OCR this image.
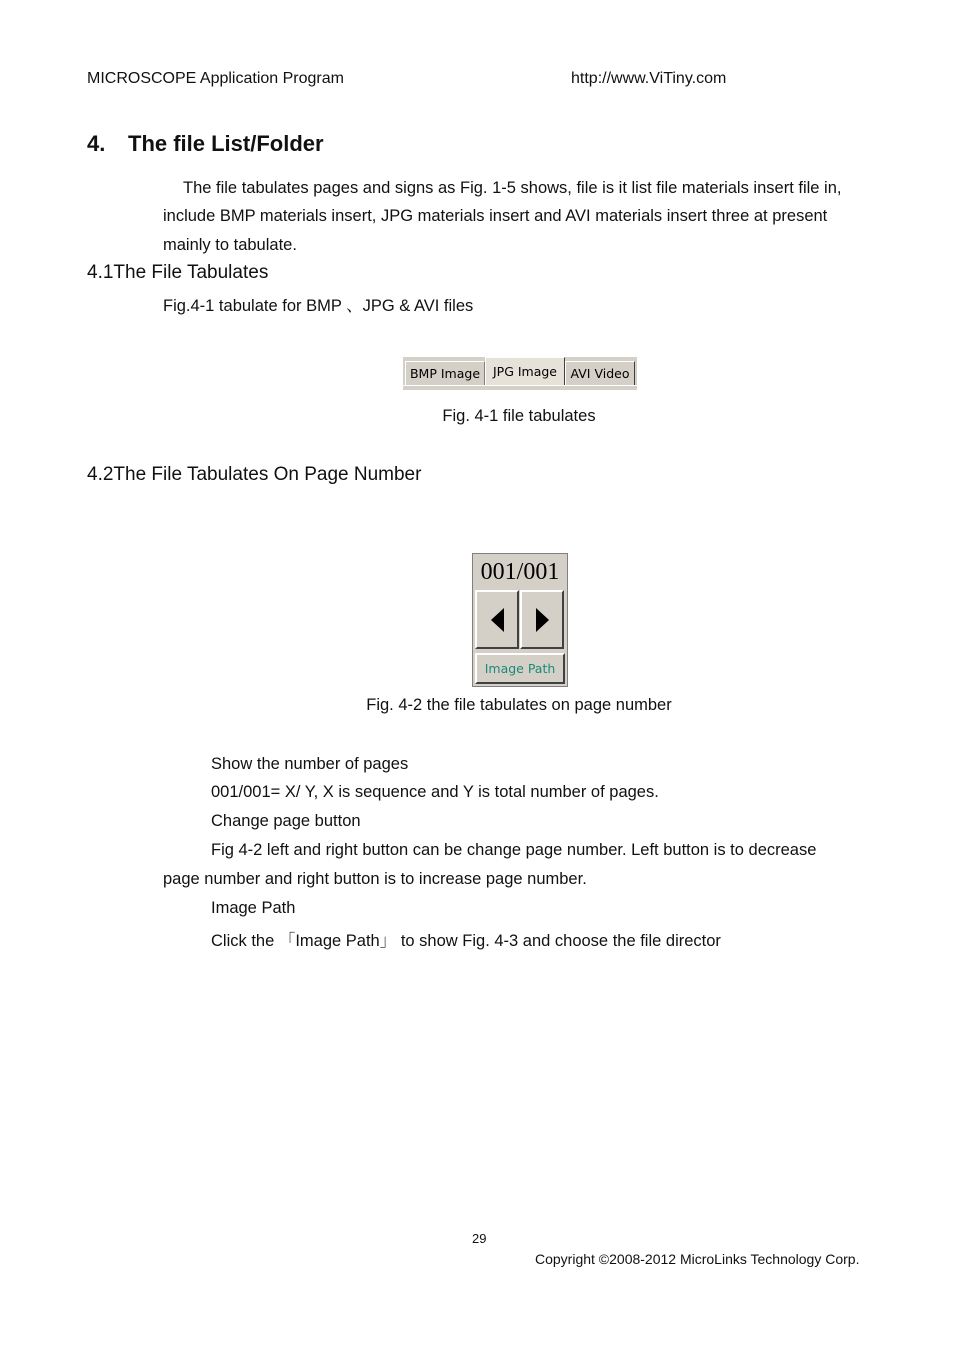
MICROSCOPE Application Program	http://www.ViTiny.com
4. The file List/Folder
The file tabulates pages and signs as Fig. 1-5 shows, file is it list file materials insert file in,
include BMP materials insert, JPG materials insert and AVI materials insert three at present
mainly to tabulate.
4.1The File Tabulates
Fig.4-1 tabulate for BMP 、JPG & AVI files
BMP Image	JPG Image	AVI Video
Fig. 4-1 file tabulates
4.2The File Tabulates On Page Number
001/001
Image Path
Fig. 4-2 the file tabulates on page number
Show the number of pages
001/001= X/ Y, X is sequence and Y is total number of pages.
Change page button
Fig 4-2 left and right button can be change page number. Left button is to decrease
page number and right button is to increase page number.
Image Path
Click the 「Image Path」 to show Fig. 4-3 and choose the file director
29
Copyright ©2008-2012 MicroLinks Technology Corp.
